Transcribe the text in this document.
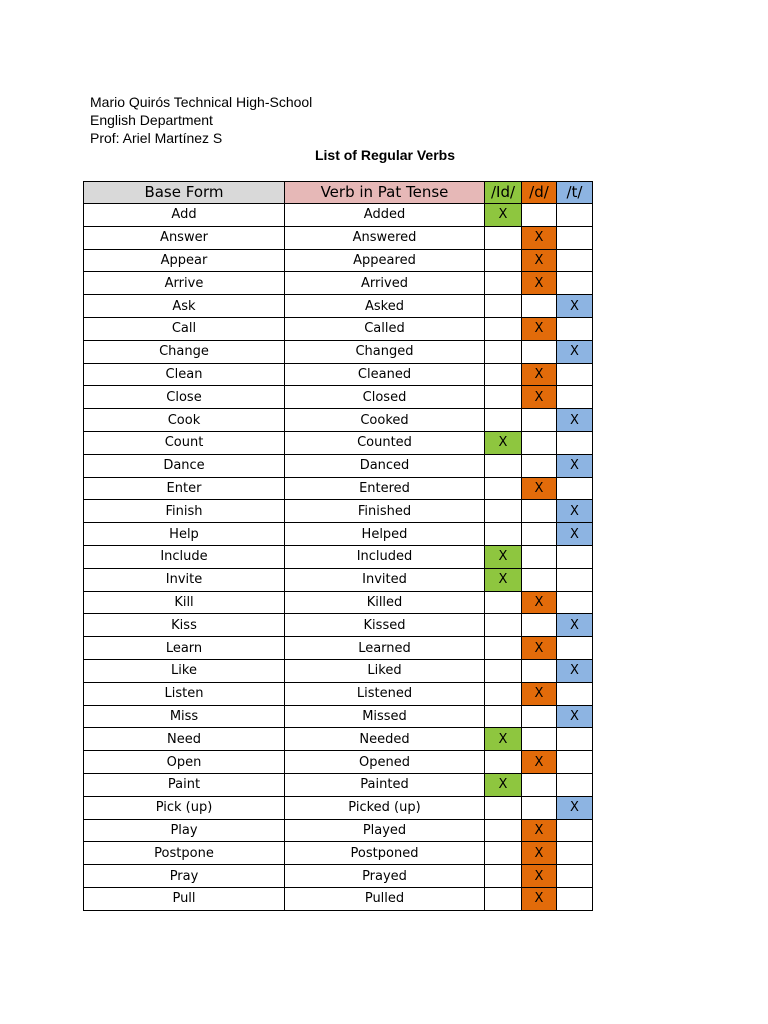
Mario Quirós Technical High-School
English Department
Prof: Ariel Martínez S
List of Regular Verbs
Base Form	Verb in Pat Tense	/Id/	/d/	/t/
Add	Added	X		
Answer	Answered		X	
Appear	Appeared		X	
Arrive	Arrived		X	
Ask	Asked			X
Call	Called		X	
Change	Changed			X
Clean	Cleaned		X	
Close	Closed		X	
Cook	Cooked			X
Count	Counted	X		
Dance	Danced			X
Enter	Entered		X	
Finish	Finished			X
Help	Helped			X
Include	Included	X		
Invite	Invited	X		
Kill	Killed		X	
Kiss	Kissed			X
Learn	Learned		X	
Like	Liked			X
Listen	Listened		X	
Miss	Missed			X
Need	Needed	X		
Open	Opened		X	
Paint	Painted	X		
Pick (up)	Picked (up)			X
Play	Played		X	
Postpone	Postponed		X	
Pray	Prayed		X	
Pull	Pulled		X	
